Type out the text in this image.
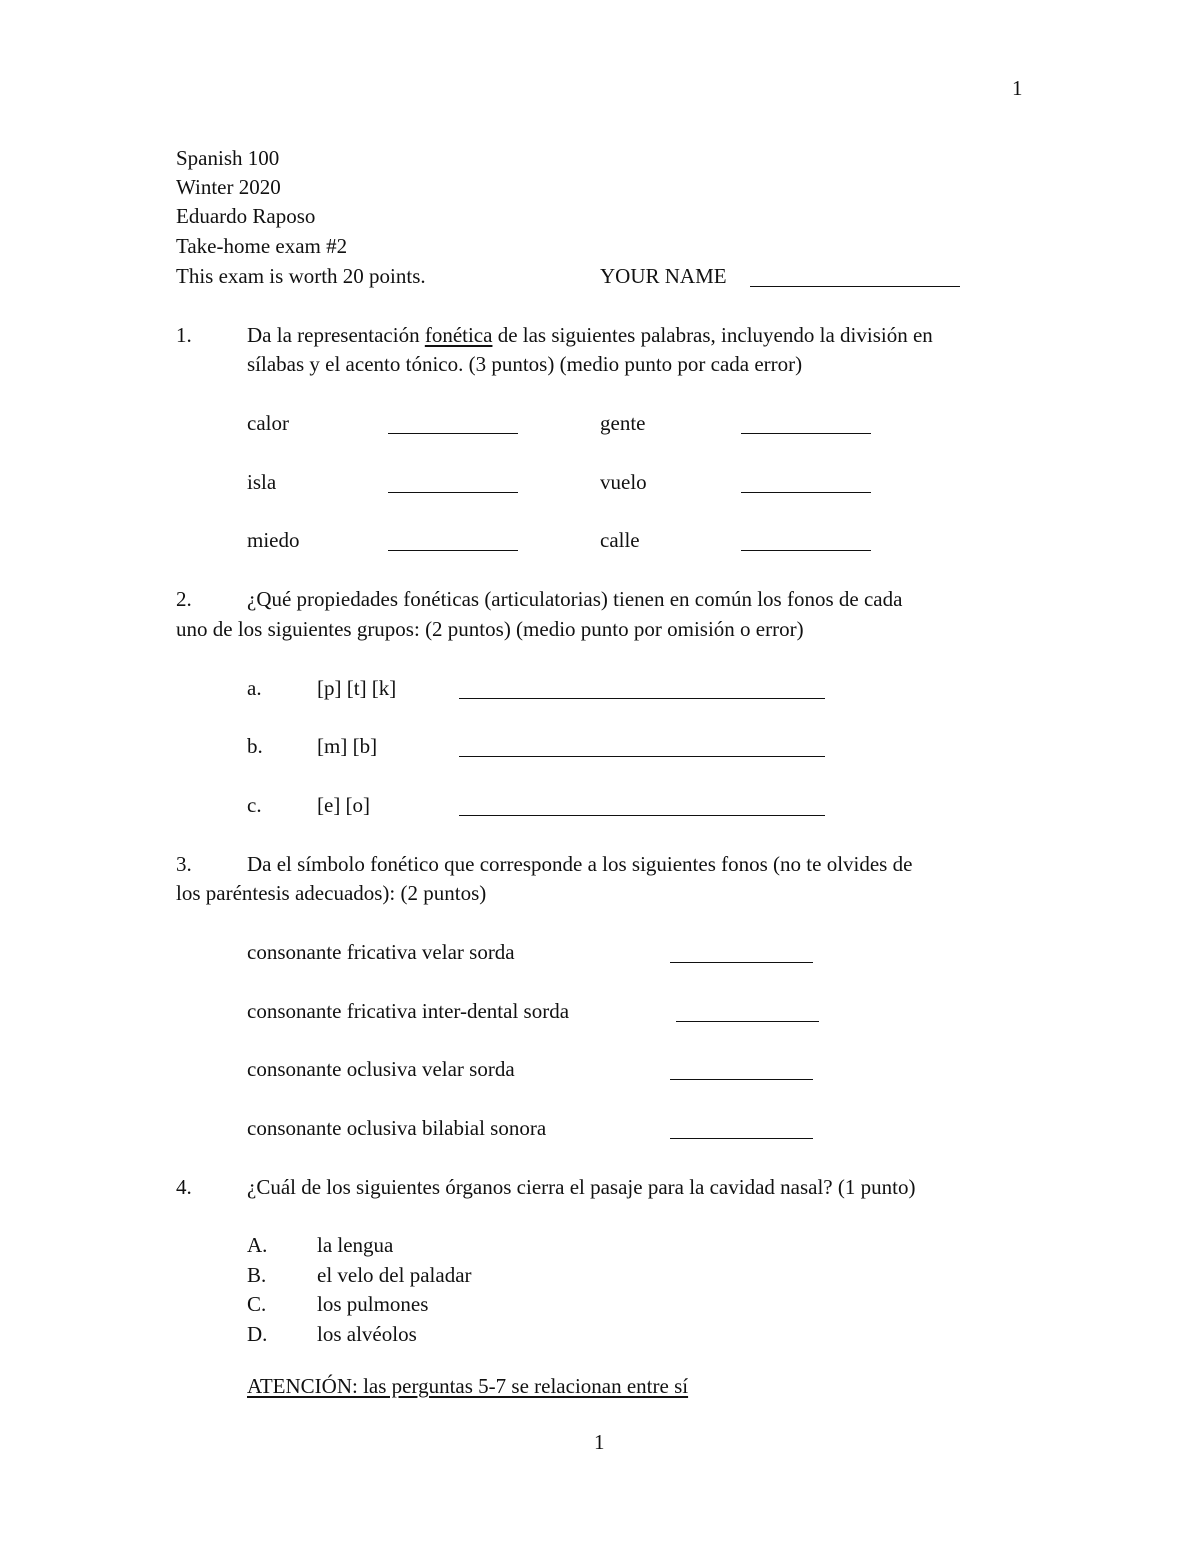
1
Spanish 100
Winter 2020
Eduardo Raposo
Take-home exam #2
This exam is worth 20 points.	YOUR NAME
1.	Da la representación fonética de las siguientes palabras, incluyendo la división en
sílabas y el acento tónico. (3 puntos) (medio punto por cada error)
calor	gente
isla	vuelo
miedo	calle
2.	¿Qué propiedades fonéticas (articulatorias) tienen en común los fonos de cada
uno de los siguientes grupos: (2 puntos) (medio punto por omisión o error)
a.	[p] [t] [k]
b.	[m] [b]
c.	[e] [o]
3.	Da el símbolo fonético que corresponde a los siguientes fonos (no te olvides de
los paréntesis adecuados): (2 puntos)
consonante fricativa velar sorda
consonante fricativa inter-dental sorda
consonante oclusiva velar sorda
consonante oclusiva bilabial sonora
4.	¿Cuál de los siguientes órganos cierra el pasaje para la cavidad nasal? (1 punto)
A. la lengua
B. el velo del paladar
C. los pulmones
D. los alvéolos
ATENCIÓN: las perguntas 5-7 se relacionan entre sí
1
